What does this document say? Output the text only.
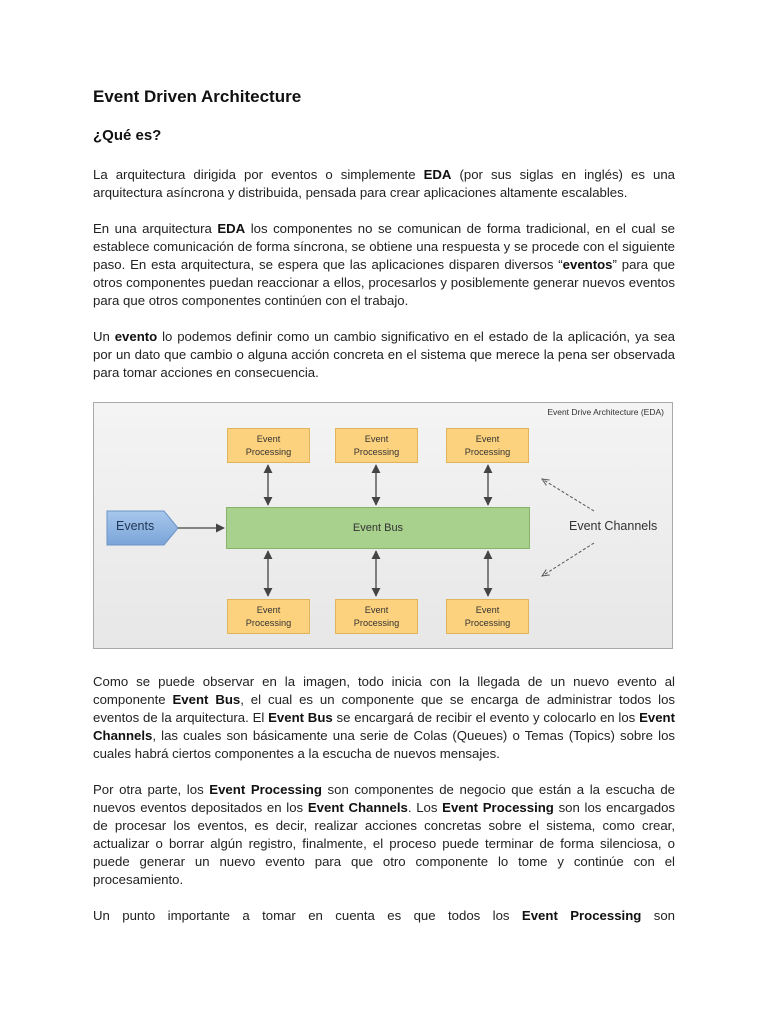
Event Driven Architecture
¿Qué es?

La arquitectura dirigida por eventos o simplemente EDA (por sus siglas en inglés) es una arquitectura asíncrona y distribuida, pensada para crear aplicaciones altamente escalables.

En una arquitectura EDA los componentes no se comunican de forma tradicional, en el cual se establece comunicación de forma síncrona, se obtiene una respuesta y se procede con el siguiente paso. En esta arquitectura, se espera que las aplicaciones disparen diversos “eventos” para que otros componentes puedan reaccionar a ellos, procesarlos y posiblemente generar nuevos eventos para que otros componentes continúen con el trabajo.

Un evento lo podemos definir como un cambio significativo en el estado de la aplicación, ya sea por un dato que cambio o alguna acción concreta en el sistema que merece la pena ser observada para tomar acciones en consecuencia.

Event Drive Architecture (EDA)
Event
Processing
Event
Processing
Event
Processing
Event Bus
Event
Processing
Event
Processing
Event
Processing
Events	Event Channels

Como se puede observar en la imagen, todo inicia con la llegada de un nuevo evento al componente Event Bus, el cual es un componente que se encarga de administrar todos los eventos de la arquitectura. El Event Bus se encargará de recibir el evento y colocarlo en los Event Channels, las cuales son básicamente una serie de Colas (Queues) o Temas (Topics) sobre los cuales habrá ciertos componentes a la escucha de nuevos mensajes.

Por otra parte, los Event Processing son componentes de negocio que están a la escucha de nuevos eventos depositados en los Event Channels. Los Event Processing son los encargados de procesar los eventos, es decir, realizar acciones concretas sobre el sistema, como crear, actualizar o borrar algún registro, finalmente, el proceso puede terminar de forma silenciosa, o puede generar un nuevo evento para que otro componente lo tome y continúe con el procesamiento.

Un punto importante a tomar en cuenta es que todos los Event Processing son
